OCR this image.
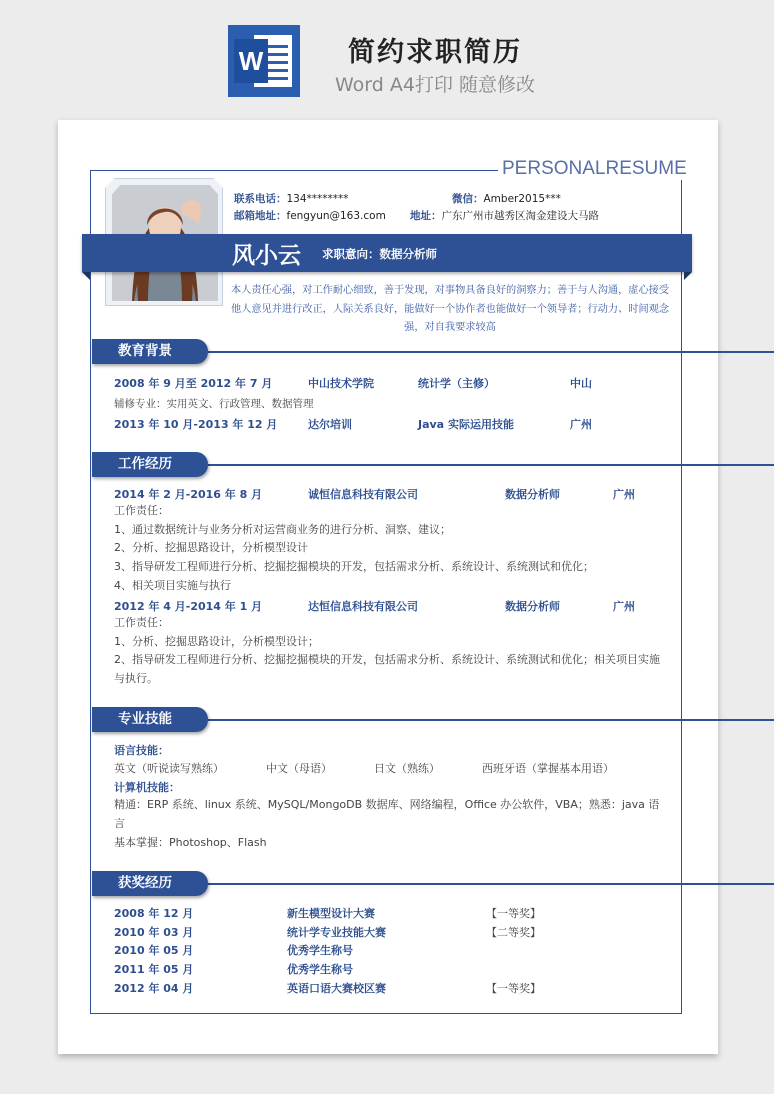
W	简约求职简历
Word A4打印 随意修改
PERSONALRESUME
联系电话：134********	微信：Amber2015***
邮箱地址：fengyun@163.com 地址：广东广州市越秀区淘金建设大马路
风小云 求职意向：数据分析师
本人责任心强，对工作耐心细致，善于发现，对事物具备良好的洞察力；善于与人沟通，虚心接受他人意见并进行改正，人际关系良好，能做好一个协作者也能做好一个领导者；行动力、时间观念强，对自我要求较高
教育背景
2008 年 9 月至 2012 年 7 月	中山技术学院	统计学（主修）	中山
辅修专业：实用英文、行政管理、数据管理
2013 年 10 月-2013 年 12 月	达尔培训	Java 实际运用技能	广州
工作经历
2014 年 2 月-2016 年 8 月	诚恒信息科技有限公司	数据分析师	广州
工作责任：
1、通过数据统计与业务分析对运营商业务的进行分析、洞察、建议；
2、分析、挖掘思路设计，分析模型设计
3、指导研发工程师进行分析、挖掘挖掘模块的开发，包括需求分析、系统设计、系统测试和优化；
4、相关项目实施与执行
2012 年 4 月-2014 年 1 月	达恒信息科技有限公司	数据分析师	广州
工作责任：
1、分析、挖掘思路设计，分析模型设计；
2、指导研发工程师进行分析、挖掘挖掘模块的开发，包括需求分析、系统设计、系统测试和优化；相关项目实施与执行。
专业技能
语言技能：
英文（听说读写熟练）	中文（母语）	日文（熟练）	西班牙语（掌握基本用语）
计算机技能：
精通：ERP 系统、linux 系统、MySQL/MongoDB 数据库、网络编程，Office 办公软件，VBA；熟悉：java 语言
基本掌握：Photoshop、Flash
获奖经历
2008 年 12 月	新生模型设计大赛	【一等奖】
2010 年 03 月	统计学专业技能大赛	【二等奖】
2010 年 05 月	优秀学生称号
2011 年 05 月	优秀学生称号
2012 年 04 月	英语口语大赛校区赛	【一等奖】
